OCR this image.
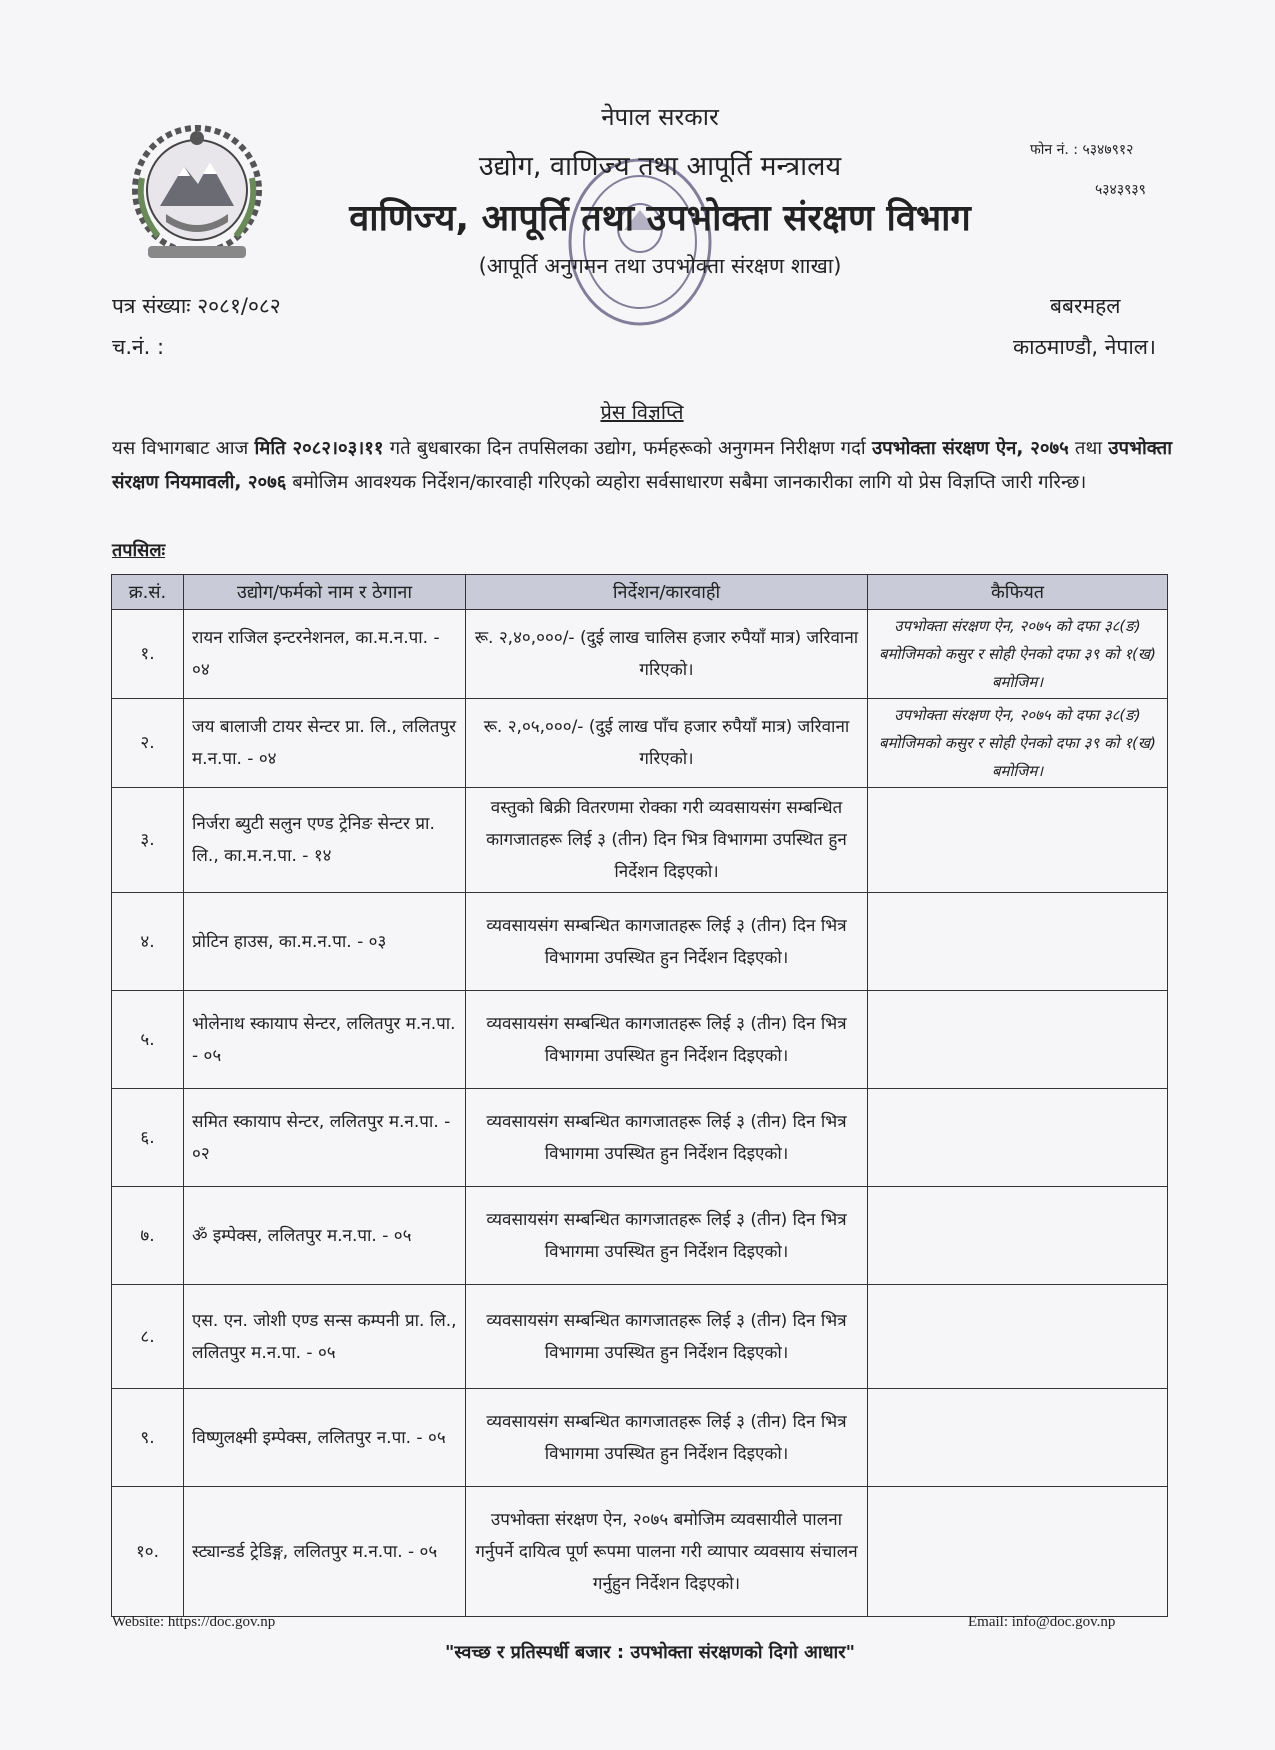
नेपाल सरकार
उद्योग, वाणिज्य तथा आपूर्ति मन्त्रालय
वाणिज्य, आपूर्ति तथा उपभोक्ता संरक्षण विभाग
(आपूर्ति अनुगमन तथा उपभोक्ता संरक्षण शाखा)
फोन नं. : ५३४७९१२
५३४३९३९
पत्र संख्याः २०८१/०८२
च.नं. :
बबरमहल
काठमाण्डौ, नेपाल।
प्रेस विज्ञप्ति
यस विभागबाट आज मिति २०८२।०३।११ गते बुधबारका दिन तपसिलका उद्योग, फर्महरूको अनुगमन निरीक्षण गर्दा उपभोक्ता संरक्षण ऐन, २०७५ तथा उपभोक्ता संरक्षण नियमावली, २०७६ बमोजिम आवश्यक निर्देशन/कारवाही गरिएको व्यहोरा सर्वसाधारण सबैमा जानकारीका लागि यो प्रेस विज्ञप्ति जारी गरिन्छ।
तपसिलः
क्र.सं.	उद्योग/फर्मको नाम र ठेगाना	निर्देशन/कारवाही	कैफियत
१.	रायन राजिल इन्टरनेशनल, का.म.न.पा. - ०४	रू. २,४०,०००/- (दुई लाख चालिस हजार रुपैयाँ मात्र) जरिवाना गरिएको।	उपभोक्ता संरक्षण ऐन, २०७५ को दफा ३८(ङ) बमोजिमको कसुर र सोही ऐनको दफा ३९ को १(ख) बमोजिम।
२.	जय बालाजी टायर सेन्टर प्रा. लि., ललितपुर म.न.पा. - ०४	रू. २,०५,०००/- (दुई लाख पाँच हजार रुपैयाँ मात्र) जरिवाना गरिएको।	उपभोक्ता संरक्षण ऐन, २०७५ को दफा ३८(ङ) बमोजिमको कसुर र सोही ऐनको दफा ३९ को १(ख) बमोजिम।
३.	निर्जरा ब्युटी सलुन एण्ड ट्रेनिङ सेन्टर प्रा. लि., का.म.न.पा. - १४	वस्तुको बिक्री वितरणमा रोक्का गरी व्यवसायसंग सम्बन्धित कागजातहरू लिई ३ (तीन) दिन भित्र विभागमा उपस्थित हुन निर्देशन दिइएको।	
४.	प्रोटिन हाउस, का.म.न.पा. - ०३	व्यवसायसंग सम्बन्धित कागजातहरू लिई ३ (तीन) दिन भित्र विभागमा उपस्थित हुन निर्देशन दिइएको।	
५.	भोलेनाथ स्कायाप सेन्टर, ललितपुर म.न.पा. - ०५	व्यवसायसंग सम्बन्धित कागजातहरू लिई ३ (तीन) दिन भित्र विभागमा उपस्थित हुन निर्देशन दिइएको।	
६.	समित स्कायाप सेन्टर, ललितपुर म.न.पा. - ०२	व्यवसायसंग सम्बन्धित कागजातहरू लिई ३ (तीन) दिन भित्र विभागमा उपस्थित हुन निर्देशन दिइएको।	
७.	ॐ इम्पेक्स, ललितपुर म.न.पा. - ०५	व्यवसायसंग सम्बन्धित कागजातहरू लिई ३ (तीन) दिन भित्र विभागमा उपस्थित हुन निर्देशन दिइएको।	
८.	एस. एन. जोशी एण्ड सन्स कम्पनी प्रा. लि., ललितपुर म.न.पा. - ०५	व्यवसायसंग सम्बन्धित कागजातहरू लिई ३ (तीन) दिन भित्र विभागमा उपस्थित हुन निर्देशन दिइएको।	
९.	विष्णुलक्ष्मी इम्पेक्स, ललितपुर न.पा. - ०५	व्यवसायसंग सम्बन्धित कागजातहरू लिई ३ (तीन) दिन भित्र विभागमा उपस्थित हुन निर्देशन दिइएको।	
१०.	स्ट्यान्डर्ड ट्रेडिङ्ग, ललितपुर म.न.पा. - ०५	उपभोक्ता संरक्षण ऐन, २०७५ बमोजिम व्यवसायीले पालना गर्नुपर्ने दायित्व पूर्ण रूपमा पालना गरी व्यापार व्यवसाय संचालन गर्नुहुन निर्देशन दिइएको।	
Website: https://doc.gov.np	Email: info@doc.gov.np
"स्वच्छ र प्रतिस्पर्धी बजार : उपभोक्ता संरक्षणको दिगो आधार"
